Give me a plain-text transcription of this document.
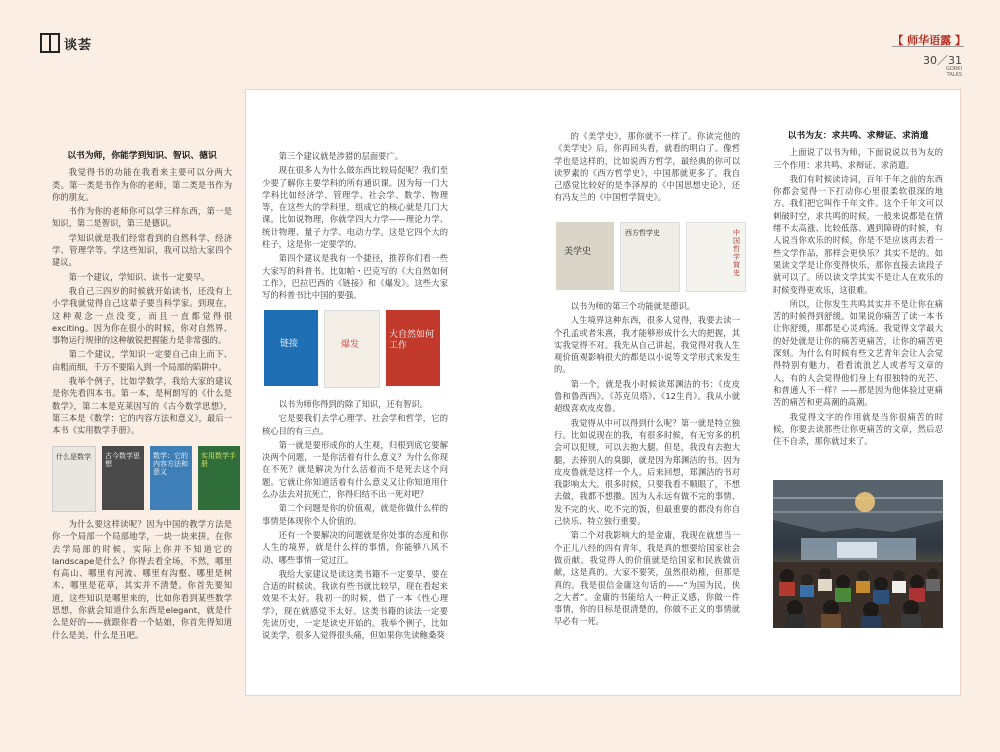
谈荟	【 师华语露 】
30／31
GORKI
TALKS
以书为师，你能学到知识、智识、德识

我觉得书的功能在我看来主要可以分两大类。第一类是书作为你的老师，第二类是书作为你的朋友。

书作为你的老师你可以学三样东西，第一是知识，第二是智识，第三是德识。

学知识就是我们经常看到的自然科学、经济学、管理学等。学这些知识，我可以给大家四个建议。

第一个建议，学知识、读书一定要早。

我自己三四岁的时候就开始读书，还没有上小学我就觉得自己这辈子要当科学家。到现在，这种观念一点没变，而且一直都觉得很exciting。因为你在很小的时候，你对自然界、事物运行规律的这种敏锐把握能力是非常强的。

第二个建议，学知识一定要自己由上而下、由粗而细，千万不要陷入到一个局部的陷阱中。

我举个例子，比如学数学，我给大家的建议是你先看四本书。第一本，是柯朗写的《什么是数学》，第二本是克莱因写的《古今数学思想》，第三本是《数学：它的内容方法和意义》，最后一本书《实用数学手册》。

什么是数学 古今数学思想
数学：它的内容方法和意义
实用数学手册

为什么要这样读呢？因为中国的教学方法是你一个局部一个局部地学，一块一块来拼。在你去学局部的时候，实际上你并不知道它的landscape是什么？你得去看全场，不然，哪里有高山、哪里有河流、哪里有沟壑、哪里是树木、哪里是花草，其实并不清楚。你首先要知道，这些知识是哪里来的，比如你看到某些数学思想，你就会知道什么东西是elegant，就是什么是好的——就跟你看一个姑娘，你首先得知道什么是美、什么是丑吧。

第三个建议就是涉猎的层面要广。

现在很多人为什么做东西比较局促呢？我们至少要了解你主要学科的所有通识课。因为每一门大学科比如经济学、管理学、社会学、数学、物理等，在这些大的学科里，组成它的核心就是几门大课。比如说物理，你就学四大力学——理论力学、统计物理、量子力学、电动力学。这是它四个大的柱子，这是你一定要学的。

第四个建议是我有一个捷径，推荐你们看一些大家写的科普书。比如帕・巴克写的《大自然如何工作》，巴拉巴西的《链接》和《爆发》。这些大家写的科普书比中国的要强。

链接	爆发
大自然如何工作

以书为师你得到的除了知识，还有智识。

它是要我们去学心理学、社会学和哲学，它的核心目的有三点。

第一就是要形成你的人生观，归根到底它要解决两个问题，一是你活着有什么意义？为什么你现在不死？就是解决为什么活着而不是死去这个问题。它就让你知道活着有什么意义又让你知道用什么办法去对抗死亡，你得归结不出一死对吧？

第二个问题是你的价值观，就是你做什么样的事情是体现你个人价值的。

还有一个要解决的问题就是你处事的态度和你人生的境界，就是什么样的事情，你能够八风不动、哪些事情一觉过江。

我给大家建议是读这类书籍不一定要早，要在合适的时候读。我读有些书就比较早，现在看起来效果不太好。我初一的时候，借了一本《性心理学》，现在就感觉不太好。这类书籍的读法一定要先读历史，一定是读史开始的。我举个例子，比如说美学，很多人觉得很头痛，但如果你先读鲍桑葵

的《美学史》，那你就不一样了。你读完他的《美学史》后，你再回头看，就看的明白了。像哲学也是这样的，比如说西方哲学，最经典的你可以读罗素的《西方哲学史》，中国那就更多了。我自己感觉比较好的是李泽厚的《中国思想史论》，还有冯友兰的《中国哲学简史》。

美学史
西方哲学史	中国哲学简史

以书为师的第三个功能就是德识。

人生境界这种东西，很多人觉得，我要去读一个孔孟或者朱熹，我才能够形成什么大的把握，其实我觉得不对。我先从自己讲起，我觉得对我人生观价值观影响很大的都是以小说等文学形式来发生的。

第一个，就是我小时候读郑渊洁的书：《皮皮鲁和鲁西西》、《苏克贝塔》、《12生肖》。我从小就超级喜欢皮皮鲁。

我觉得从中可以得到什么呢？第一就是特立独行。比如说现在的我，有很多时候，有无穷多的机会可以犯规，可以去抱大腿。但是，我没有去抱大腿，去捧别人的臭脚，就是因为郑渊洁的书。因为皮皮鲁就是这样一个人。后来回想，郑渊洁的书对我影响太大。很多时候，只要我看不顺眼了，不想去做，我都不想撒。因为人永远有做不完的事情、发不完的火、吃不完的饭，但最重要的都没有你自己快乐、特立独行重要。

第二个对我影响大的是金庸，我现在就想当一个正儿八经的四有青年，我是真的想要给国家社会做贡献。我觉得人的价值就是给国家和民族做贡献，这是真的。大家不要笑，虽然很幼稚，但那是真的。我是很信金庸这句话的——“为国为民，侠之大者”。金庸的书能给人一种正义感，你做一件事情，你的目标是很清楚的，你做不正义的事情就早必有一死。

以书为友：求共鸣、求辩证、求消遣

上面说了以书为师，下面说说以书为友的三个作用：求共鸣、求辩证、求消遣。

我们有时候读诗词，百年千年之前的东西你都会觉得一下打动你心里很柔软很深的地方。我们把它叫作千年文件。这个千年文可以刺破时空，求共鸣的时候，一般来说都是在情绪不太高涨、比较低落、遇到障碍的时候，有人说当你欢乐的时候，你是不是应该再去看一些文学作品，那样会更快乐？其实不是的。如果读文学是让你变得快乐，那你直接去读段子就可以了。所以读文学其实不是让人在欢乐的时候变得更欢乐，这很难。

所以，让你发生共鸣其实并不是让你在痛苦的时候得到舒缓。如果说你痛苦了读一本书让你舒缓，那都是心灵鸡汤。我觉得文学最大的好处就是让你的痛苦更痛苦，让你的痛苦更深刻。为什么有时候有些文艺青年会让人会觉得特别有魅力，看看流浪艺人或者写文章的人，有的人会觉得他们身上有很独特的光芒、和普通人不一样？——那是因为他体验过更痛苦的痛苦和更高潮的高潮。

我觉得文字的作用就是当你很痛苦的时候，你要去读那些让你更痛苦的文章，然后忍住不自杀，那你就过来了。
